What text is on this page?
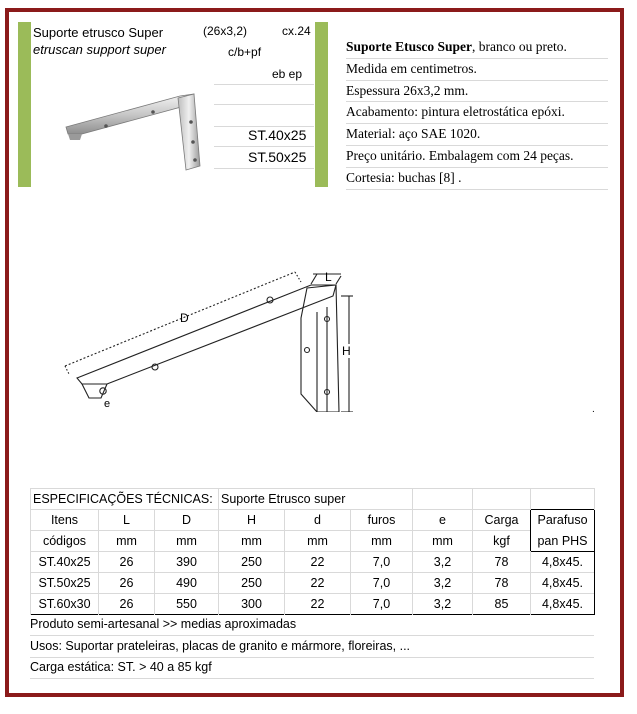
Suporte etrusco Super
etruscan support super
(26x3,2)	cx.24
c/b+pf
eb ep
ST.40x25
ST.50x25
Suporte Etusco Super, branco ou preto.
Medida em centimetros.
Espessura 26x3,2 mm.
Acabamento: pintura eletrostática epóxi.
Material: aço SAE 1020.
Preço unitário. Embalagem com 24 peças.
Cortesia: buchas [8] .
D
L
H
e	.
ESPECIFICAÇÕES TÉCNICAS:			Suporte Etrusco super					
Itens	L	D	H	d	furos	e	Carga	Parafuso
códigos	mm	mm	mm	mm	mm	mm	kgf	pan PHS
ST.40x25	26	390	250	22	7,0	3,2	78	4,8x45.
ST.50x25	26	490	250	22	7,0	3,2	78	4,8x45.
ST.60x30	26	550	300	22	7,0	3,2	85	4,8x45.
Produto semi-artesanal >> medias aproximadas
Usos: Suportar prateleiras, placas de granito e mármore, floreiras, ...
Carga estática: ST. > 40 a 85 kgf
